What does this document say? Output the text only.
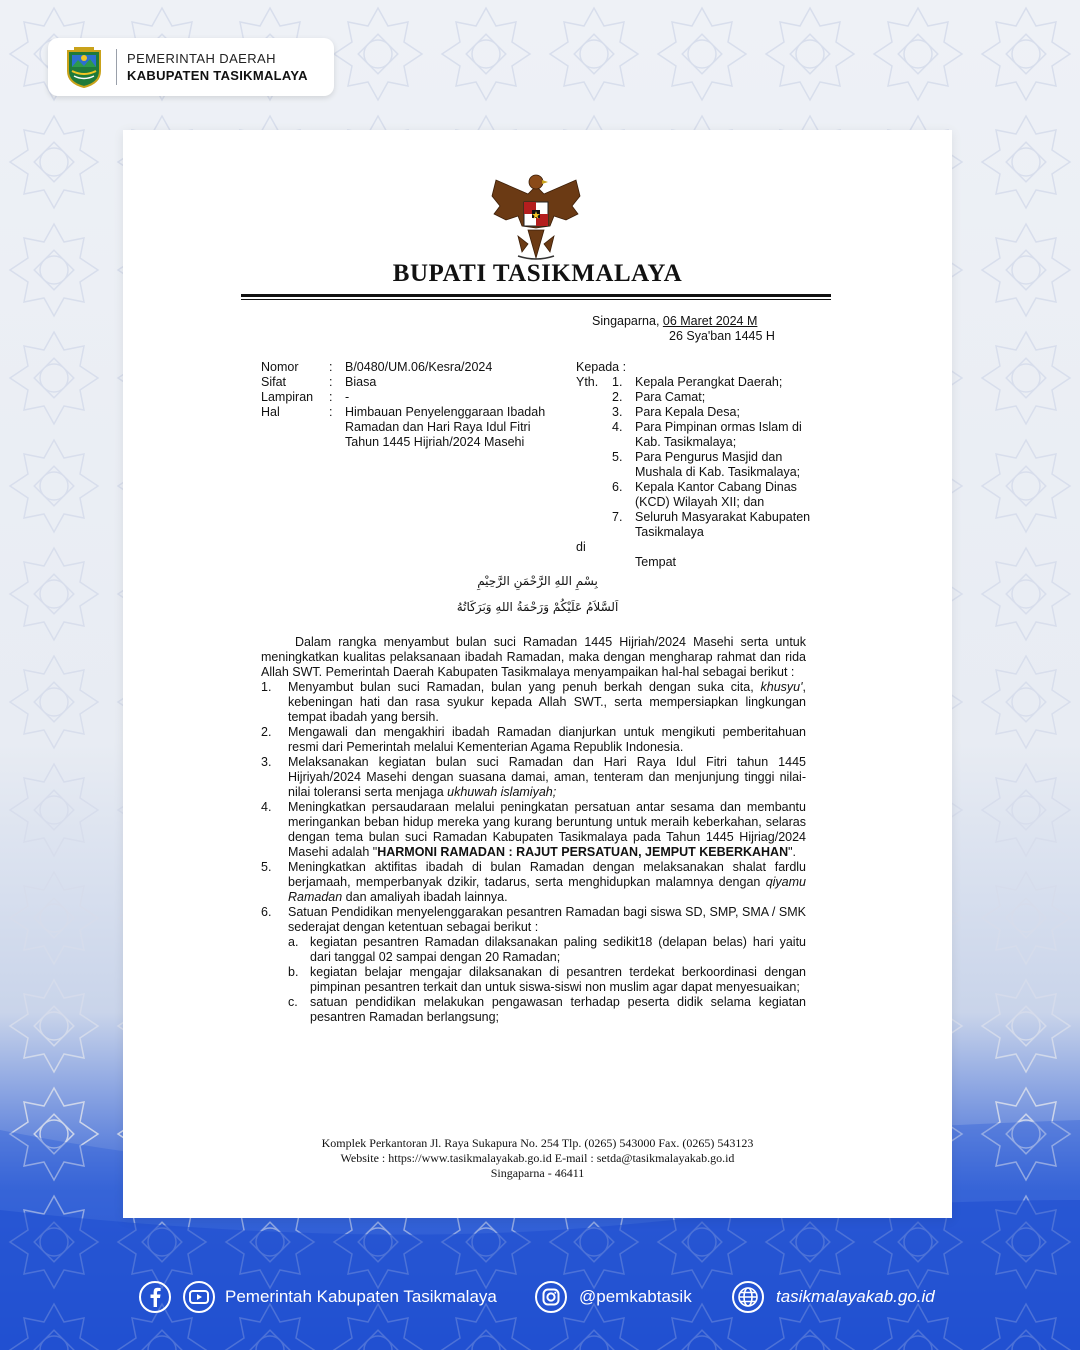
PEMERINTAH DAERAH
KABUPATEN TASIKMALAYA
BUPATI TASIKMALAYA
Singaparna, 06 Maret 2024 M
26 Sya'ban 1445 H
Nomor	:	B/0480/UM.06/Kesra/2024
Sifat	:	Biasa
Lampiran	:	-
Hal	:	Himbauan Penyelenggaraan Ibadah Ramadan dan Hari Raya Idul Fitri Tahun 1445 Hijriah/2024 Masehi
Kepada :
Yth.	1.	Kepala Perangkat Daerah;
2.	Para Camat;
3.	Para Kepala Desa;
4.	Para Pimpinan ormas Islam di Kab. Tasikmalaya;
5.	Para Pengurus Masjid dan Mushala di Kab. Tasikmalaya;
6.	Kepala Kantor Cabang Dinas (KCD) Wilayah XII; dan
7.	Seluruh Masyarakat Kabupaten Tasikmalaya
di
Tempat
بِسْمِ اللهِ الرَّحْمَنِ الرَّحِيْمِ
اَلسَّلاَمُ عَلَيْكُمْ وَرَحْمَةُ اللهِ وَبَرَكَاتُهُ

Dalam rangka menyambut bulan suci Ramadan 1445 Hijriah/2024 Masehi serta untuk meningkatkan kualitas pelaksanaan ibadah Ramadan, maka dengan mengharap rahmat dan rida Allah SWT. Pemerintah Daerah Kabupaten Tasikmalaya menyampaikan hal-hal sebagai berikut :

1.	Menyambut bulan suci Ramadan, bulan yang penuh berkah dengan suka cita, khusyu', kebeningan hati dan rasa syukur kepada Allah SWT., serta mempersiapkan lingkungan tempat ibadah yang bersih.
2.	Mengawali dan mengakhiri ibadah Ramadan dianjurkan untuk mengikuti pemberitahuan resmi dari Pemerintah melalui Kementerian Agama Republik Indonesia.
3.	Melaksanakan kegiatan bulan suci Ramadan dan Hari Raya Idul Fitri tahun 1445 Hijriyah/2024 Masehi dengan suasana damai, aman, tenteram dan menjunjung tinggi nilai-nilai toleransi serta menjaga ukhuwah islamiyah;
4.	Meningkatkan persaudaraan melalui peningkatan persatuan antar sesama dan membantu meringankan beban hidup mereka yang kurang beruntung untuk meraih keberkahan, selaras dengan tema bulan suci Ramadan Kabupaten Tasikmalaya pada Tahun 1445 Hijriag/2024 Masehi adalah "HARMONI RAMADAN : RAJUT PERSATUAN, JEMPUT KEBERKAHAN".
5.	Meningkatkan aktifitas ibadah di bulan Ramadan dengan melaksanakan shalat fardlu berjamaah, memperbanyak dzikir, tadarus, serta menghidupkan malamnya dengan qiyamu Ramadan dan amaliyah ibadah lainnya.
6.	Satuan Pendidikan menyelenggarakan pesantren Ramadan bagi siswa SD, SMP, SMA / SMK sederajat dengan ketentuan sebagai berikut :
a. kegiatan pesantren Ramadan dilaksanakan paling sedikit18 (delapan belas) hari yaitu dari tanggal 02 sampai dengan 20 Ramadan;
b. kegiatan belajar mengajar dilaksanakan di pesantren terdekat berkoordinasi dengan pimpinan pesantren terkait dan untuk siswa-siswi non muslim agar dapat menyesuaikan;
c. satuan pendidikan melakukan pengawasan terhadap peserta didik selama kegiatan pesantren Ramadan berlangsung;
Komplek Perkantoran Jl. Raya Sukapura No. 254 Tlp. (0265) 543000 Fax. (0265) 543123
Website : https://www.tasikmalayakab.go.id E-mail : setda@tasikmalayakab.go.id
Singaparna - 46411
Pemerintah Kabupaten Tasikmalaya	@pemkabtasik	tasikmalayakab.go.id
